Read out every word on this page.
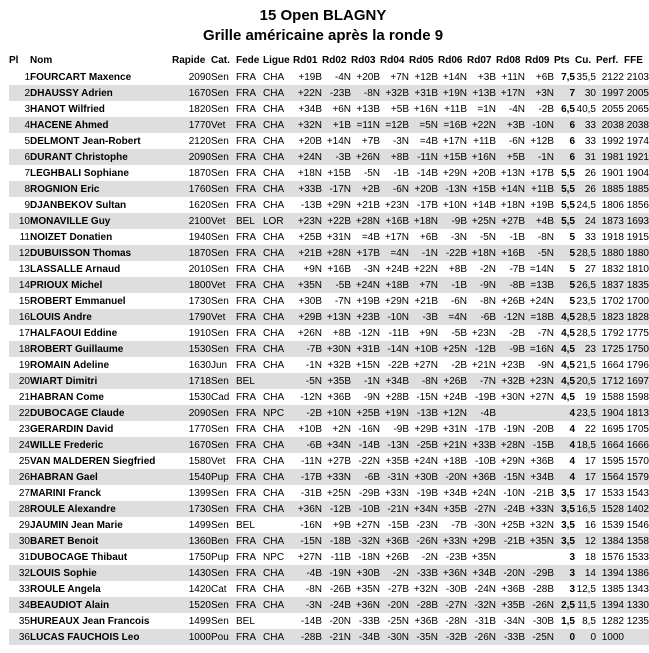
15 Open BLAGNY
Grille américaine après la ronde 9
Pl	Nom	Rapide	Cat.	Fede	Ligue	Rd01	Rd02	Rd03	Rd04	Rd05	Rd06	Rd07	Rd08	Rd09	Pts	Cu.	Perf.	FFE
1	FOURCART Maxence	2090	Sen	FRA	CHA	+19B	-4N	+20B	+7N	+12B	+14N	+3B	+11N	+6B	7,5	35,5	2122	2103
2	DHAUSSY Adrien	1670	Sen	FRA	CHA	+22N	-23B	-8N	+32B	+31B	+19N	+13B	+17N	+3N	7	30	1997	2005
3	HANOT Wilfried	1820	Sen	FRA	CHA	+34B	+6N	+13B	+5B	+16N	+11B	=1N	-4N	-2B	6,5	40,5	2055	2065
4	HACENE Ahmed	1770	Vet	FRA	CHA	+32N	+1B	=11N	=12B	=5N	=16B	+22N	+3B	-10N	6	33	2038	2038
5	DELMONT Jean-Robert	2120	Sen	FRA	CHA	+20B	+14N	+7B	-3N	=4B	+17N	+11B	-6N	+12B	6	33	1992	1974
6	DURANT Christophe	2090	Sen	FRA	CHA	+24N	-3B	+26N	+8B	-11N	+15B	+16N	+5B	-1N	6	31	1981	1921
7	LEGHBALI Sophiane	1870	Sen	FRA	CHA	+18N	+15B	-5N	-1B	-14B	+29N	+20B	+13N	+17B	5,5	26	1901	1904
8	ROGNION Eric	1760	Sen	FRA	CHA	+33B	-17N	+2B	-6N	+20B	-13N	+15B	+14N	+11B	5,5	26	1885	1885
9	DJANBEKOV Sultan	1620	Sen	FRA	CHA	-13B	+29N	+21B	+23N	-17B	+10N	+14B	+18N	+19B	5,5	24,5	1806	1856
10	MONAVILLE Guy	2100	Vet	BEL	LOR	+23N	+22B	+28N	+16B	+18N	-9B	+25N	+27B	+4B	5,5	24	1873	1693
11	NOIZET Donatien	1940	Sen	FRA	CHA	+25B	+31N	=4B	+17N	+6B	-3N	-5N	-1B	-8N	5	33	1918	1915
12	DUBUISSON Thomas	1870	Sen	FRA	CHA	+21B	+28N	+17B	=4N	-1N	-22B	+18N	+16B	-5N	5	28,5	1880	1880
13	LASSALLE Arnaud	2010	Sen	FRA	CHA	+9N	+16B	-3N	+24B	+22N	+8B	-2N	-7B	=14N	5	27	1832	1810
14	PRIOUX Michel	1800	Vet	FRA	CHA	+35N	-5B	+24N	+18B	+7N	-1B	-9N	-8B	=13B	5	26,5	1837	1835
15	ROBERT Emmanuel	1730	Sen	FRA	CHA	+30B	-7N	+19B	+29N	+21B	-6N	-8N	+26B	+24N	5	23,5	1702	1700
16	LOUIS Andre	1790	Vet	FRA	CHA	+29B	+13N	+23B	-10N	-3B	=4N	-6B	-12N	=18B	4,5	28,5	1823	1828
17	HALFAOUI Eddine	1910	Sen	FRA	CHA	+26N	+8B	-12N	-11B	+9N	-5B	+23N	-2B	-7N	4,5	28,5	1792	1775
18	ROBERT Guillaume	1530	Sen	FRA	CHA	-7B	+30N	+31B	-14N	+10B	+25N	-12B	-9B	=16N	4,5	23	1725	1750
19	ROMAIN Adeline	1630	Jun	FRA	CHA	-1N	+32B	+15N	-22B	+27N	-2B	+21N	+23B	-9N	4,5	21,5	1664	1796
20	WIART Dimitri	1718	Sen	BEL		-5N	+35B	-1N	+34B	-8N	+26B	-7N	+32B	+23N	4,5	20,5	1712	1697
21	HABRAN Come	1530	Cad	FRA	CHA	-12N	+36B	-9N	+28B	-15N	+24B	-19B	+30N	+27N	4,5	19	1588	1598
22	DUBOCAGE Claude	2090	Sen	FRA	NPC	-2B	+10N	+25B	+19N	-13B	+12N	-4B			4	23,5	1904	1813
23	GERARDIN David	1770	Sen	FRA	CHA	+10B	+2N	-16N	-9B	+29B	+31N	-17B	-19N	-20B	4	22	1695	1705
24	WILLE Frederic	1670	Sen	FRA	CHA	-6B	+34N	-14B	-13N	-25B	+21N	+33B	+28N	-15B	4	18,5	1664	1666
25	VAN MALDEREN Siegfried	1580	Vet	FRA	CHA	-11N	+27B	-22N	+35B	+24N	+18B	-10B	+29N	+36B	4	17	1595	1570
26	HABRAN Gael	1540	Pup	FRA	CHA	-17B	+33N	-6B	-31N	+30B	-20N	+36B	-15N	+34B	4	17	1564	1579
27	MARINI Franck	1399	Sen	FRA	CHA	-31B	+25N	-29B	+33N	-19B	+34B	+24N	-10N	-21B	3,5	17	1533	1543
28	ROULE Alexandre	1730	Sen	FRA	CHA	+36N	-12B	-10B	-21N	+34N	+35B	-27N	-24B	+33N	3,5	16,5	1528	1402
29	JAUMIN Jean Marie	1499	Sen	BEL		-16N	+9B	+27N	-15B	-23N	-7B	-30N	+25B	+32N	3,5	16	1539	1546
30	BARET Benoit	1360	Ben	FRA	CHA	-15N	-18B	-32N	+36B	-26N	+33N	+29B	-21B	+35N	3,5	12	1384	1358
31	DUBOCAGE Thibaut	1750	Pup	FRA	NPC	+27N	-11B	-18N	+26B	-2N	-23B	+35N			3	18	1576	1533
32	LOUIS Sophie	1430	Sen	FRA	CHA	-4B	-19N	+30B	-2N	-33B	+36N	+34B	-20N	-29B	3	14	1394	1386
33	ROULE Angela	1420	Cat	FRA	CHA	-8N	-26B	+35N	-27B	+32N	-30B	-24N	+36B	-28B	3	12,5	1385	1343
34	BEAUDIOT Alain	1520	Sen	FRA	CHA	-3N	-24B	+36N	-20N	-28B	-27N	-32N	+35B	-26N	2,5	11,5	1394	1330
35	HUREAUX Jean Francois	1499	Sen	BEL		-14B	-20N	-33B	-25N	+36B	-28N	-31B	-34N	-30B	1,5	8,5	1282	1235
36	LUCAS FAUCHOIS Leo	1000	Pou	FRA	CHA	-28B	-21N	-34B	-30N	-35N	-32B	-26N	-33B	-25N	0	0	1000	
